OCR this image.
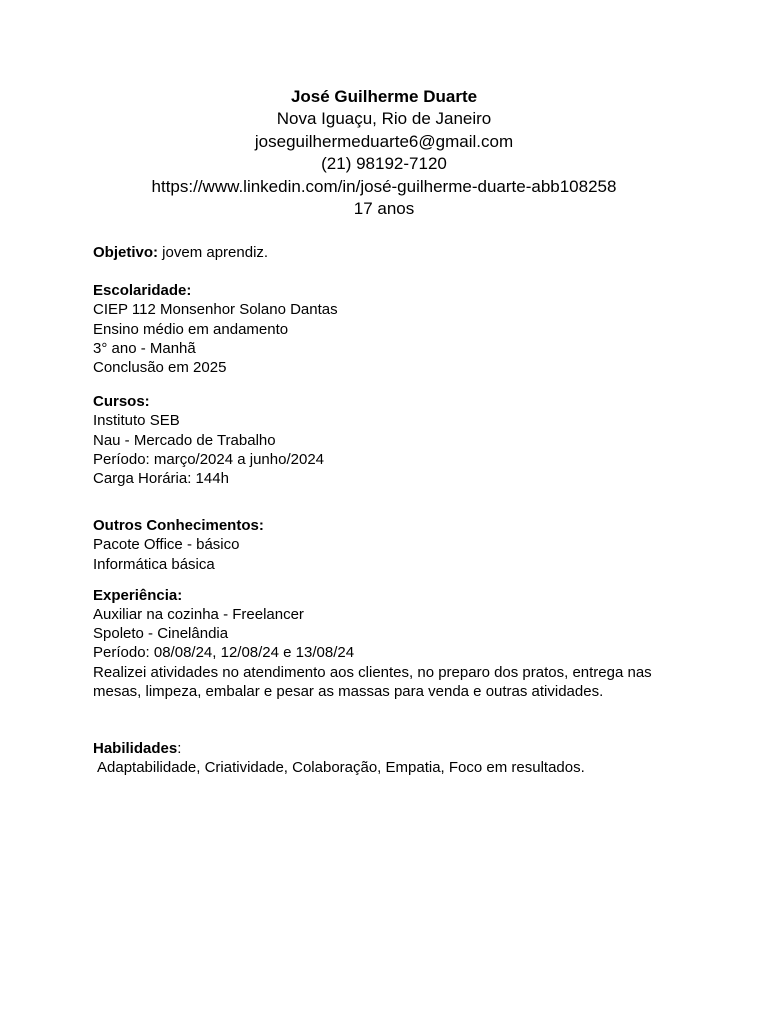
José Guilherme Duarte
Nova Iguaçu, Rio de Janeiro
joseguilhermeduarte6@gmail.com
(21) 98192-7120
https://www.linkedin.com/in/josé-guilherme-duarte-abb108258
17 anos

Objetivo: jovem aprendiz.

Escolaridade:

CIEP 112 Monsenhor Solano Dantas

Ensino médio em andamento

3° ano - Manhã

Conclusão em 2025

Cursos:

Instituto SEB

Nau - Mercado de Trabalho

Período: março/2024 a junho/2024

Carga Horária: 144h

Outros Conhecimentos:

Pacote Office - básico

Informática básica

Experiência:

Auxiliar na cozinha - Freelancer

Spoleto - Cinelândia

Período: 08/08/24, 12/08/24 e 13/08/24

Realizei atividades no atendimento aos clientes, no preparo dos pratos, entrega nas mesas, limpeza, embalar e pesar as massas para venda e outras atividades.

Habilidades:

Adaptabilidade, Criatividade, Colaboração, Empatia, Foco em resultados.
